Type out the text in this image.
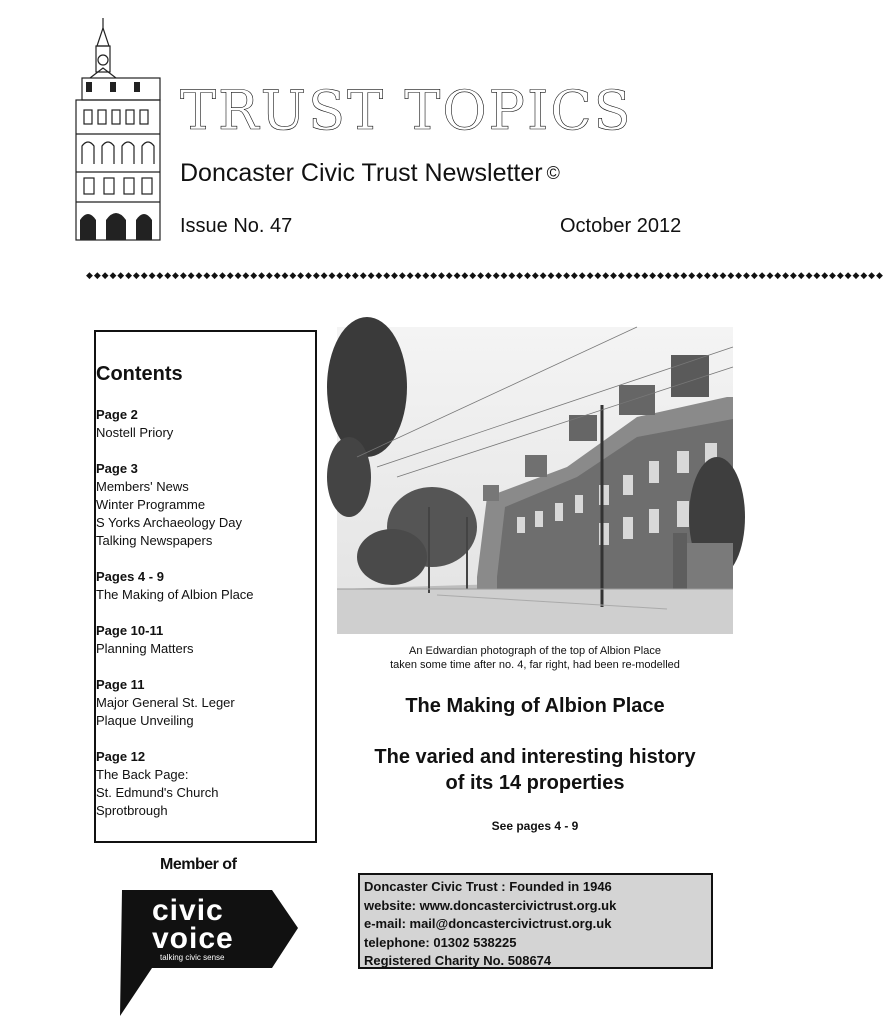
TRUST TOPICS
Doncaster Civic Trust Newsletter ©
Issue No. 47	October 2012
◆◆◆◆◆◆◆◆◆◆◆◆◆◆◆◆◆◆◆◆◆◆◆◆◆◆◆◆◆◆◆◆◆◆◆◆◆◆◆◆◆◆◆◆◆◆◆◆◆◆◆◆◆◆◆◆◆◆◆◆◆◆◆◆◆◆◆◆◆◆◆◆◆◆◆◆◆◆◆◆◆◆◆◆◆◆◆◆◆◆◆◆◆◆◆◆◆◆◆◆◆◆
Contents
Page 2
Nostell Priory
Page 3
Members' News
Winter Programme
S Yorks Archaeology Day
Talking Newspapers
Pages 4 - 9
The Making of Albion Place
Page 10-11
Planning Matters
Page 11
Major General St. Leger
Plaque Unveiling
Page 12
The Back Page:
St. Edmund's Church
Sprotbrough
An Edwardian photograph of the top of Albion Place
taken some time after no. 4, far right, had been re-modelled
The Making of Albion Place
The varied and interesting history
of its 14 properties
See pages 4 - 9
Member of
civic
voice
talking civic sense
Doncaster Civic Trust : Founded in 1946
website: www.doncastercivictrust.org.uk
e-mail: mail@doncastercivictrust.org.uk
telephone: 01302 538225
Registered Charity No. 508674
